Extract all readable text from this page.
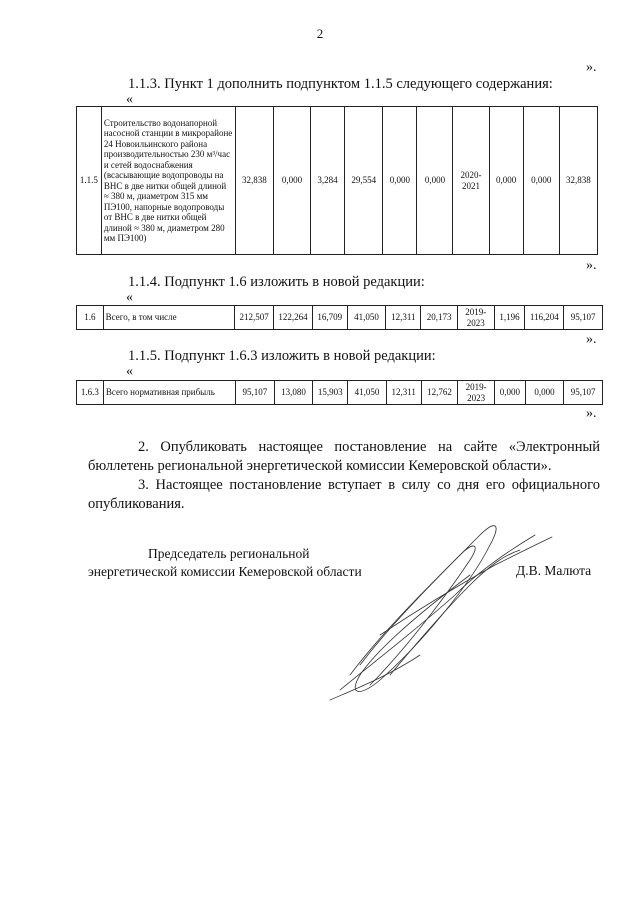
2
».
1.1.3. Пункт 1 дополнить подпунктом 1.1.5 следующего содержания:
«
1.1.5	Строительство водонапорной насосной станции в микрорайоне 24 Новоильинского района производительностью 230 м³/час и сетей водоснабжения (всасывающие водопроводы на ВНС в две нитки общей длиной ≈ 380 м, диаметром 315 мм ПЭ100, напорные водопроводы от ВНС в две нитки общей длиной ≈ 380 м, диаметром 280 мм ПЭ100)	32,838	0,000	3,284	29,554	0,000	0,000	2020-
2021	0,000	0,000	32,838
».
1.1.4. Подпункт 1.6 изложить в новой редакции:
«
1.6	Всего, в том числе	212,507	122,264	16,709	41,050	12,311	20,173	2019-
2023	1,196	116,204	95,107
».
1.1.5. Подпункт 1.6.3 изложить в новой редакции:
«
1.6.3	Всего нормативная прибыль	95,107	13,080	15,903	41,050	12,311	12,762	2019-
2023	0,000	0,000	95,107
».

2. Опубликовать настоящее постановление на сайте «Электронный бюллетень региональной энергетической комиссии Кемеровской области».

3. Настоящее постановление вступает в силу со дня его официального опубликования.

Председатель региональной
энергетической комиссии Кемеровской области	Д.В. Малюта
